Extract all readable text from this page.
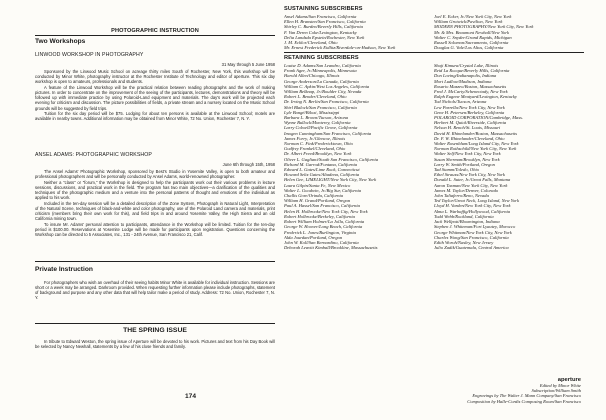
PHOTOGRAPHIC INSTRUCTION
Two Workshops
LINWOOD WORKSHOP IN PHOTOGRAPHY
31 May through 5 June 1958

Sponsored by the Linwood Music School on acreage thirty miles South of Rochester, New York, this workshop will be conducted by Minor White, photography instructor at the Rochester Institute of Technology and editor of aperture. This six day workshop is open to amateurs, professionals and students.

A feature of the Linwood Workshop will be the practical relation between reading photographs and the work of making pictures. In order to concentrate on the improvement of the seeing of the participants, lectures, demonstrations and theory will be followed up with immediate practice by using Polaroid-Land equipment and materials. The day's work will be projected each evening for criticism and discussion. The picture possibilities of fields, a private stream and a nursery located on the Music School grounds will be suggested by field trips.

Tuition for the six day period will be $75. Lodging for about ten persons is available at the Linwood School; motels are available in nearby towns. Additional information may be obtained from Minor White, 72 No. Union, Rochester 7, N. Y.

ANSEL ADAMS: PHOTOGRAPHIC WORKSHOP
June 6th through 15th, 1958

The Ansel Adams' Photographic Workshop, sponsored by Best's Studio in Yosemite Valley, is open to both amateur and professional photographers and will be personally conducted by Ansel Adams, world-renowned photographer.

Neither a "class" or "forum," the Workshop is designed to help the participants work out their various problems in lecture sessions, discussions, and practical work in the field. The program has two main objectives—a clarification of the qualities and techniques of the photographic medium and a venture into the personal patterns of thought and emotions of the individual as applied to his work.

Included in the ten-day session will be a detailed description of the Zone System, Photograph in Natural Light, Interpretation of the Natural Scene, techniques of black-and-white and color photography, use of the Polaroid Land camera and materials, print criticism (members bring their own work for this), and field trips in and around Yosemite Valley, the High Sierra and an old California mining town.

To insure Mr. Adams' personal attention to participants, attendance in the Workshop will be limited. Tuition for the ten-day period is $100.00. Reservations at Yosemite Lodge will be made for participants upon registration. Questions concerning the Workshop can be directed to 5 Associates, Inc., 131 - 24th Avenue, San Francisco 21, Calif.

Private Instruction

For photographers who wish an overhaul of their seeing habits Minor White is available for individual instruction. Sessions are short or a week may be arranged. Darkroom provided. When requesting further information please include photographs, statement of background and purpose and any other data that will help tailor make a period of study. Address: 72 No. Union, Rochester 7, N. Y.

THE SPRING ISSUE

In tribute to Edward Weston, the spring issue of Aperture will be devoted to his work. Pictures and text from his Day Book will be selected by Nancy Newhall, statements by a few of his close friends and family.

174
SUSTAINING SUBSCRIBERS
Ansel Adams/San Francisco, California
Ellen H. Bransten/San Francisco, California
Shirley C. Burden/Beverly Hills, California
F. Van Deren Coke/Lexington, Kentucky
Delia Landsda Epstein/Rochester, New York
J. M. Ecklor/Cleveland, Ohio
Mr. Ernest Frederick Eidlitz/Riverdale-on-Hudson, New York
Joel E. Ecker, Jr./New York City, New York
William Grotwick/Pavilion, New York
MODERN PHOTOGRAPHY/New York City, New York
Mr. & Mrs. Beaumont Newhall/New York
Walter C. Snyder/Grand Rapids, Michigan
Russell Solomon/Sacramento, California
Douglas G. Vale/Los Altos, California
RETAINING SUBSCRIBERS
Louise D. Adams/San Leandro, California
Frank Ager, Jr./Minneapolis, Minnesota
Harold Allen/Chicago, Illinois
George Anderson/La Canada, California
William C. Apkin/West Los Angeles, California
William Belknap, Jr./Boulder City, Nevada
Robert L. Bender/Cleveland, Ohio
Dr. Irving N. Berlin/San Francisco, California
Shirl Blalock/San Francisco, California
Lyle Bongé/Biloxi, Mississippi
Barbara L. Brown/Tucson, Arizona
Wynne Bullock/Monterey, California
Larry Colwell/Pacific Grove, California
Imogen Cunningham/San Francisco, California
James Forry, Jr./Glencoe, Illinois
Norman C. Fink/Fredericktown, Ohio
Godfrey Frankel/Cleveland, Ohio
Dr. Albert Freed/Brooklyn, New York
Oliver L. Gagliani/South San Francisco, California
Richard M. Garrod/Fontana, California
Edward L. Gates/Lime Rock, Connecticut
Howard Seltz Gates/Altadena, California
Helen Gee, LIMELIGHT/New York City, New York
Laura Gilpin/Santa Fe, New Mexico
Walter L. Goodwin, Jr./Big Sur, California
Challis Gore/Orinda, California
William H. Grand/Portland, Oregon
Paul A. Hassel/San Francisco, California
Helen H. Holbrooke/New York City, New York
Robert Holbrooke/Berkeley, California
Robert William Holmer/La Jolla, California
George W. Hoover/Long Beach, California
Frederick L. Jones/Burlington, Virginia
Alda Jourdan/Portland, Oregon
John W. Koll/San Bernardino, California
Deborah Leavitt Kimball/Brookline, Massachusetts
Shuji Kimura/Crystal Lake, Illinois
Reid La Rocque/Beverly Hills, California
Don Loving/Indianapolis, Indiana
Mort Ludlow/Madison, Indiana
Rosario Mazzeo/Boston, Massachusetts
Fred J. McCarty/Schenectady, New York
Ralph Eugene Meatyard/Lexington, Kentucky
Tod Nichols/Tucson, Arizona
Lew Parrella/New York City, New York
Gene H. Petersen/Berkeley, California
POLAROID CORPORATION/Cambridge, Mass.
Herbert M. Quick/Riverside, California
Nelson H. Rench/St. Louis, Missouri
David H. Rhinelander/Boston, Massachusetts
Dr. F. W. Rhinelander/Cleveland, Ohio
Walter Rosenblum/Long Island City, New York
Norman Rothschild/New York City, New York
Walter Self/New York City, New York
Susan Sherman/Brooklyn, New York
Larry W. Smith/Portland, Oregon
Tad Stamm/Toledo, Ohio
Ethel Strauss/New York City, New York
Donald L. Suter, Jr./Great Falls, Montana
Aaron Taxman/New York City, New York
James M. Taylor/Denver, Colorado
John Taliaferro/Reno, Nevada
Ted Taylor/Great Neck, Long Island, New York
Lloyd H. Varden/New York City, New York
Alma L. Warbaffig/Hollywood, California
Todd Webb/Rockland, California
Jack Wellpott/Bloomington, Indiana
Stephen J. Whiteman/Fort Lyautey, Morocco
George Whitman/New York City, New York
Charles Wong/San Francisco, California
Edith Woroh/Nasley, New Jersey
Julio Zadik/Guatemala, Central America
aperture
Edited by Minor White
Subscription/William Smith
Engravings by The Walter J. Mann Company/San Francisco
Composition by Halle-Cordis Composing Room/San Francisco
